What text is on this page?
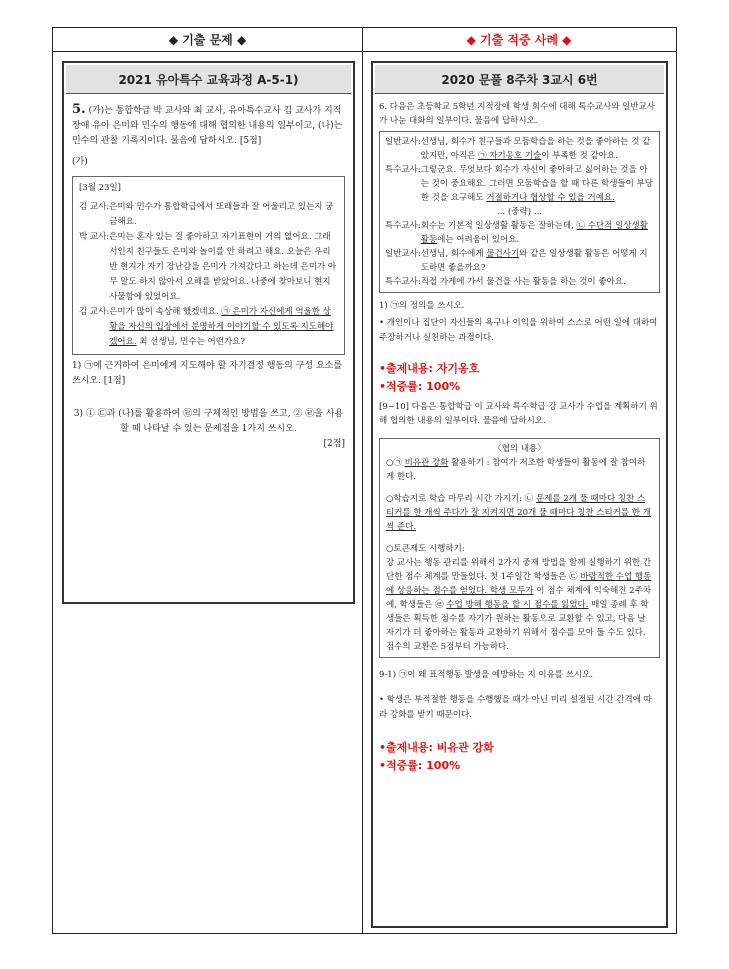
◆ 기출 문제 ◆	◆ 기출 적중 사례 ◆
2021 유아특수 교육과정 A-5-1)

5. (가)는 통합학급 박 교사와 최 교사, 유아특수교사 김 교사가 지적장애 유아 은미와 민수의 행동에 대해 협의한 내용의 일부이고, (나)는 민수의 관찰 기록지이다. 물음에 답하시오. [5점]

(가)

[3월 23일]
김 교사: 은미와 민수가 통합학급에서 또래들과 잘 어울리고 있는지 궁금해요.
박 교사: 은미는 혼자 있는 걸 좋아하고 자기표현이 거의 없어요. 그래서인지 친구들도 은미와 놀이를 안 하려고 해요. 오늘은 우리 반 현지가 자기 장난감을 은미가 가져갔다고 하는데 은미가 아무 말도 하지 않아서 오해를 받았어요. 나중에 찾아보니 현지 사물함에 있었어요.
김 교사: 은미가 많이 속상해 했겠네요. ㉠ 은미가 자신에게 억울한 상황을 자신의 입장에서 분명하게 이야기할 수 있도록 지도해야겠어요. 최 선생님, 민수는 어떤가요?

1) ㉠에 근거하여 은미에게 지도해야 할 자기결정 행동의 구성 요소를 쓰시오. [1점]

3) ① ㉢과 (나)를 활용하여 ㉣의 구체적인 방법을 쓰고, ② ㉣을 사용할 때 나타날 수 있는 문제점을 1가지 쓰시오.

[2점]

2020 문풀 8주차 3교시 6번

6. 다음은 초등학교 5학년 지적장애 학생 회수에 대해 특수교사와 일반교사가 나눈 대화의 일부이다. 물음에 답하시오.

일반교사: 선생님, 회수가 친구들과 모둠학습을 하는 것을 좋아하는 것 같았지만, 아직은 ㉠ 자기옹호 기술이 부족한 것 같아요.
특수교사: 그렇군요. 무엇보다 회수가 자신이 좋아하고 싫어하는 것을 아는 것이 중요해요. 그러면 모둠학습을 할 때 다른 학생들이 부당한 것을 요구해도 거절하거나 협상할 수 있을 거예요.
… (중략) …
특수교사: 회수는 기본적 일상생활 활동은 잘하는데, ㉡ 수단적 일상생활 활동에는 어려움이 있어요.
일반교사: 선생님, 회수에게 물건사기와 같은 일상생활 활동은 어떻게 지도하면 좋을까요?
특수교사: 직접 가게에 가서 물건을 사는 활동을 하는 것이 좋아요.

1) ㉠의 정의를 쓰시오.

• 개인이나 집단이 자신들의 욕구나 이익을 위하여 스스로 어떤 일에 대하여 주장하거나 실천하는 과정이다.

•출제내용: 자기옹호

•적중률: 100%

[9~10] 다음은 통합학급 이 교사와 특수학급 강 교사가 수업을 계획하기 위해 협의한 내용의 일부이다. 물음에 답하시오.

〈협의 내용〉
○㉠ 비유관 강화 활용하기 : 참여가 저조한 학생들이 활동에 잘 참여하게 한다.
○학습지로 학습 마무리 시간 가지기: ㉡ 문제를 2개 풀 때마다 칭찬 스티커를 한 개씩 주다가 잘 지켜지면 20개 풀 때마다 칭찬 스티커를 한 개씩 준다.
○토큰제도 시행하기:
강 교사는 행동 관리를 위해서 2가지 중재 방법을 함께 실행하기 위한 간단한 점수 체계를 만들었다. 첫 1주일간 학생들은 ㉢ 바람직한 수업 행동에 상응하는 점수를 얻었다. 학생 모두가 이 점수 체계에 익숙해진 2주차에, 학생들은 ㉣ 수업 방해 행동을 할 시 점수를 잃었다. 매일 종례 후 학생들은 획득한 점수를 자기가 원하는 활동으로 교환할 수 있고, 다음 날 자기가 더 좋아하는 활동과 교환하기 위해서 점수를 모아 둘 수도 있다. 점수의 교환은 5점부터 가능하다.

9-1) ㉠이 왜 표적행동 발생을 예방하는 지 이유를 쓰시오.

• 학생은 부적절한 행동을 수행했을 때가 아닌 미리 설정된 시간 간격에 따라 강화를 받기 때문이다.

•출제내용: 비유관 강화

•적중률: 100%
